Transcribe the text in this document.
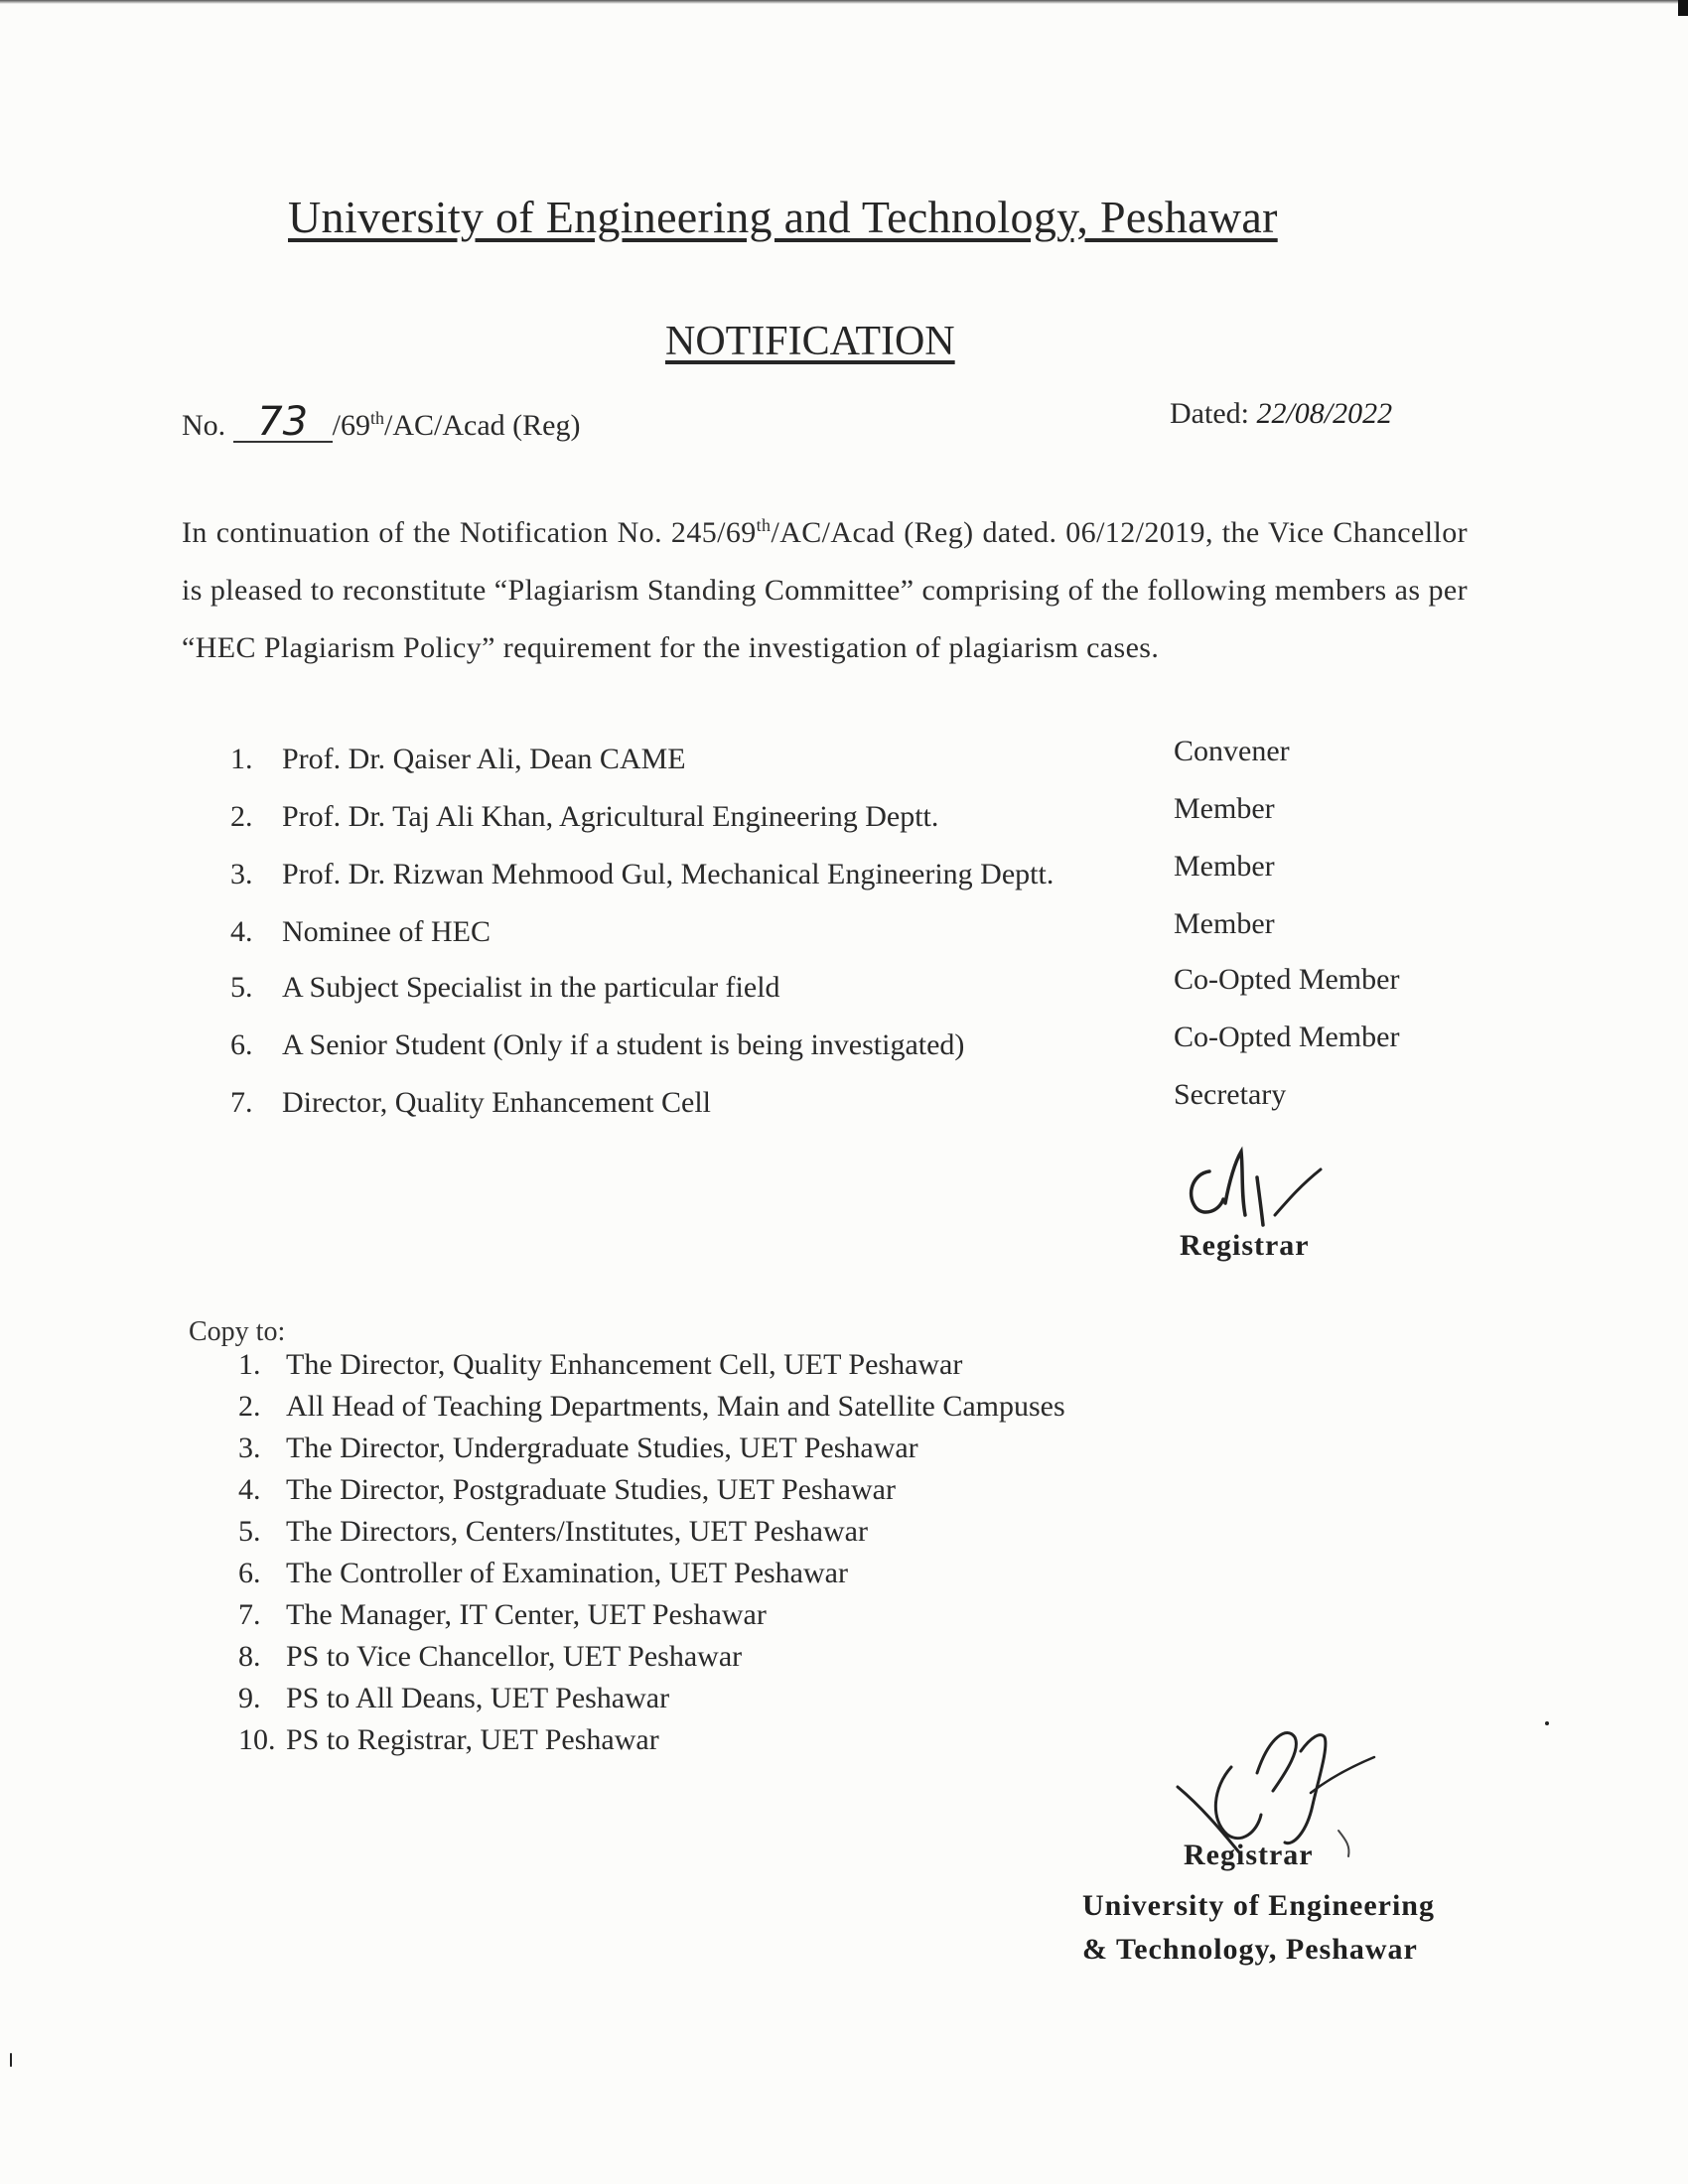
University of Engineering and Technology, Peshawar
NOTIFICATION
No. 73 /69th/AC/Acad (Reg)	Dated: 22/08/2022
In continuation of the Notification No. 245/69th/AC/Acad (Reg) dated. 06/12/2019, the Vice Chancellor is pleased to reconstitute “Plagiarism Standing Committee” comprising of the following members as per “HEC Plagiarism Policy” requirement for the investigation of plagiarism cases.
1. Prof. Dr. Qaiser Ali, Dean CAME	Convener
2. Prof. Dr. Taj Ali Khan, Agricultural Engineering Deptt.	Member
3. Prof. Dr. Rizwan Mehmood Gul, Mechanical Engineering Deptt.	Member
4. Nominee of HEC	Member
5. A Subject Specialist in the particular field	Co-Opted Member
6. A Senior Student (Only if a student is being investigated)	Co-Opted Member
7. Director, Quality Enhancement Cell	Secretary
Registrar
Copy to:
1. The Director, Quality Enhancement Cell, UET Peshawar
2. All Head of Teaching Departments, Main and Satellite Campuses
3. The Director, Undergraduate Studies, UET Peshawar
4. The Director, Postgraduate Studies, UET Peshawar
5. The Directors, Centers/Institutes, UET Peshawar
6. The Controller of Examination, UET Peshawar
7. The Manager, IT Center, UET Peshawar
8. PS to Vice Chancellor, UET Peshawar
9. PS to All Deans, UET Peshawar
10. PS to Registrar, UET Peshawar
Registrar
University of Engineering
& Technology, Peshawar
